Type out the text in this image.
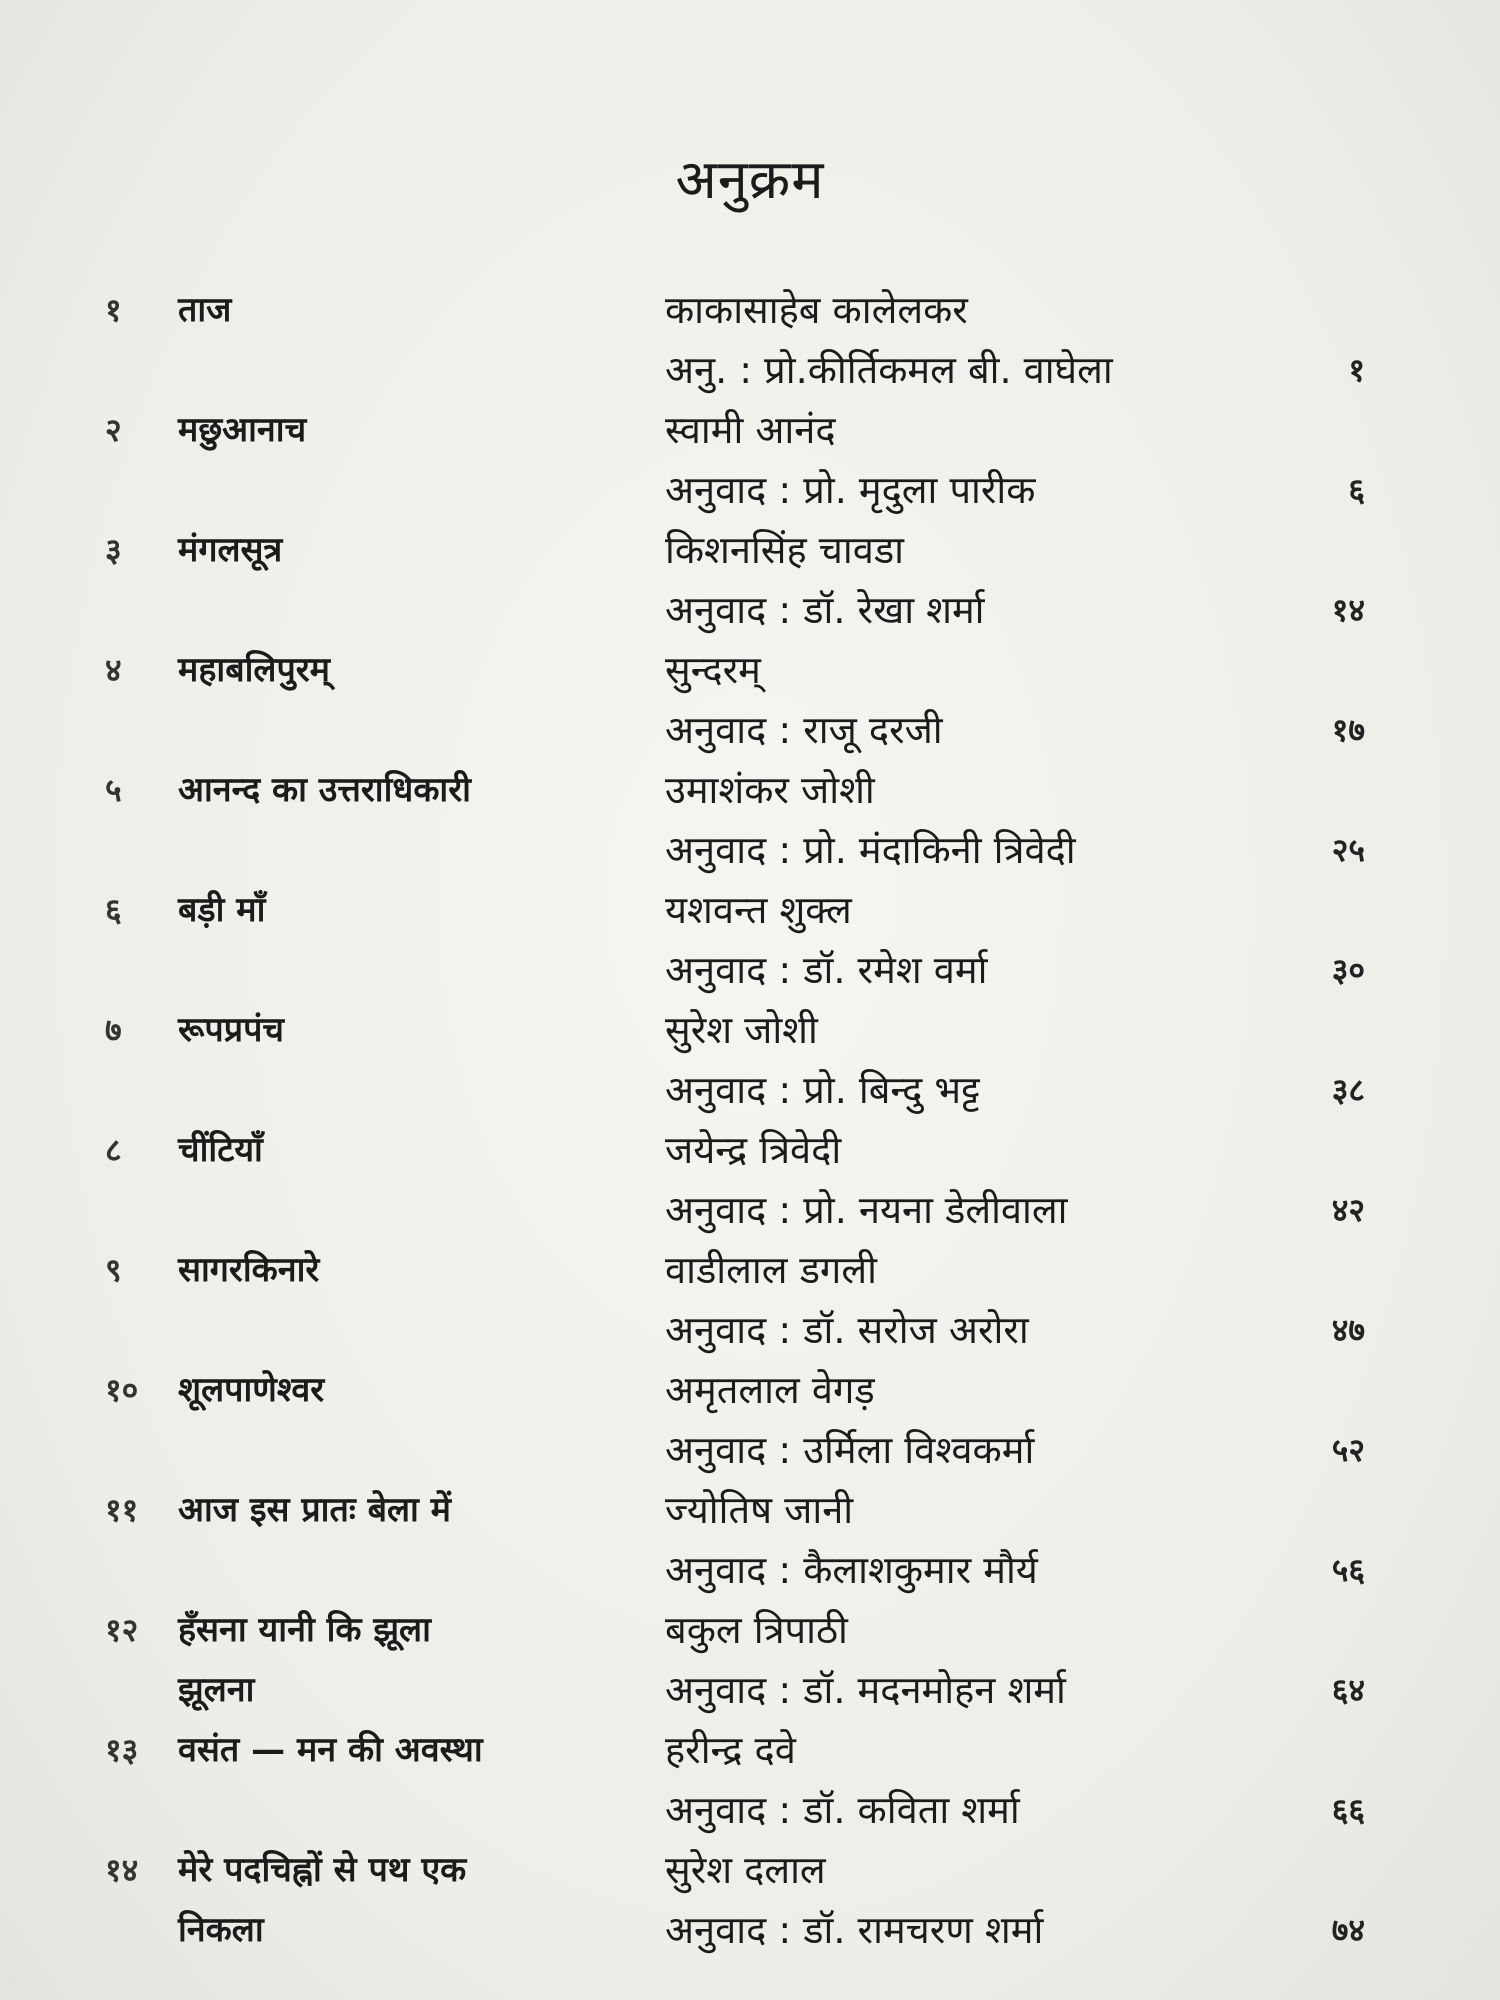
अनुक्रम
१	ताज	काकासाहेब कालेलकर
अनु. : प्रो.कीर्तिकमल बी. वाघेला	१
२	मछुआनाच	स्वामी आनंद
अनुवाद : प्रो. मृदुला पारीक	६
३	मंगलसूत्र	किशनसिंह चावडा
अनुवाद : डॉ. रेखा शर्मा	१४
४	महाबलिपुरम्	सुन्दरम्
अनुवाद : राजू दरजी	१७
५	आनन्द का उत्तराधिकारी	उमाशंकर जोशी
अनुवाद : प्रो. मंदाकिनी त्रिवेदी	२५
६	बड़ी माँ	यशवन्त शुक्ल
अनुवाद : डॉ. रमेश वर्मा	३०
७	रूपप्रपंच	सुरेश जोशी
अनुवाद : प्रो. बिन्दु भट्ट	३८
८	चींटियाँ	जयेन्द्र त्रिवेदी
अनुवाद : प्रो. नयना डेलीवाला	४२
९	सागरकिनारे	वाडीलाल डगली
अनुवाद : डॉ. सरोज अरोरा	४७
१०	शूलपाणेश्वर	अमृतलाल वेगड़
अनुवाद : उर्मिला विश्वकर्मा	५२
११	आज इस प्रातः बेला में	ज्योतिष जानी
अनुवाद : कैलाशकुमार मौर्य	५६
१२	हँसना यानी कि झूला	बकुल त्रिपाठी
झूलना	अनुवाद : डॉ. मदनमोहन शर्मा	६४
१३	वसंत — मन की अवस्था	हरीन्द्र दवे
अनुवाद : डॉ. कविता शर्मा	६६
१४	मेरे पदचिह्नों से पथ एक	सुरेश दलाल
निकला	अनुवाद : डॉ. रामचरण शर्मा	७४
